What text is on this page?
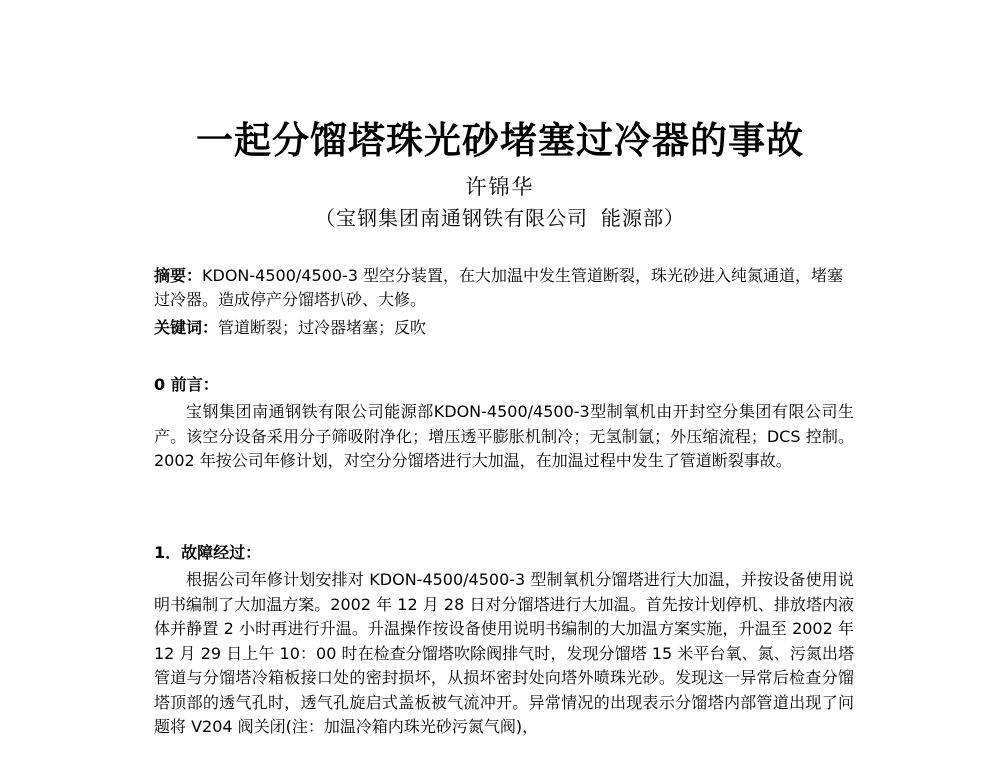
一起分馏塔珠光砂堵塞过冷器的事故
许锦华
（宝钢集团南通钢铁有限公司 能源部）
摘要：KDON-4500/4500-3 型空分装置，在大加温中发生管道断裂，珠光砂进入纯氮通道，堵塞过冷器。造成停产分馏塔扒砂、大修。
关键词：管道断裂；过冷器堵塞；反吹
0 前言：
宝钢集团南通钢铁有限公司能源部KDON-4500/4500-3型制氧机由开封空分集团有限公司生产。该空分设备采用分子筛吸附净化；增压透平膨胀机制冷；无氢制氩；外压缩流程；DCS 控制。2002 年按公司年修计划，对空分分馏塔进行大加温，在加温过程中发生了管道断裂事故。
1．故障经过：
根据公司年修计划安排对 KDON-4500/4500-3 型制氧机分馏塔进行大加温，并按设备使用说明书编制了大加温方案。2002 年 12 月 28 日对分馏塔进行大加温。首先按计划停机、排放塔内液体并静置 2 小时再进行升温。升温操作按设备使用说明书编制的大加温方案实施，升温至 2002 年 12 月 29 日上午 10：00 时在检查分馏塔吹除阀排气时，发现分馏塔 15 米平台氧、氮、污氮出塔管道与分馏塔冷箱板接口处的密封损坏，从损坏密封处向塔外喷珠光砂。发现这一异常后检查分馏塔顶部的透气孔时，透气孔旋启式盖板被气流冲开。异常情况的出现表示分馏塔内部管道出现了问题将 V204 阀关闭(注：加温冷箱内珠光砂污氮气阀)，
